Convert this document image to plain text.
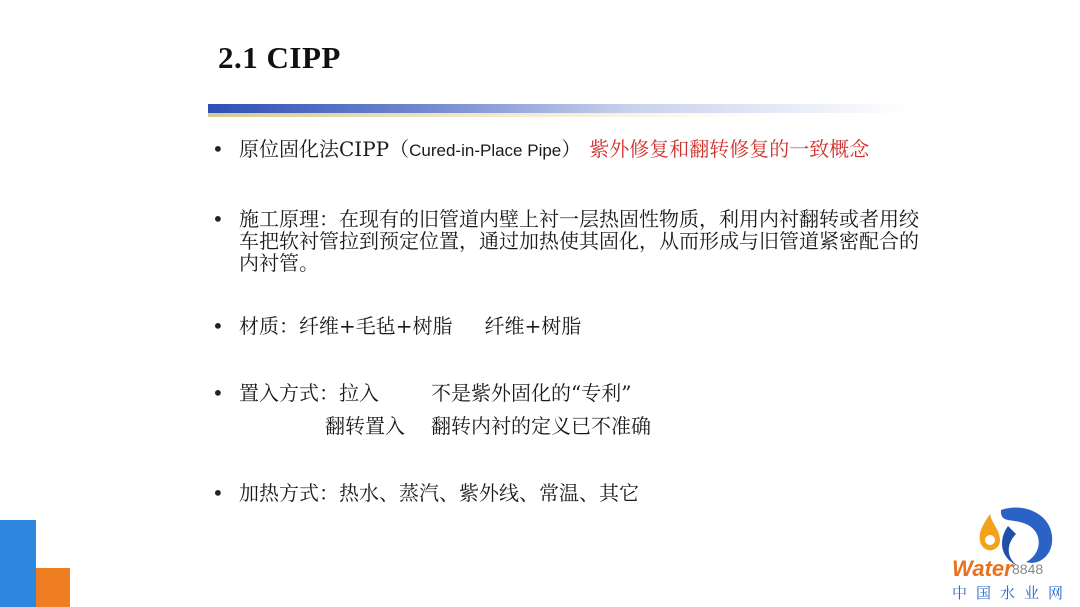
2.1 CIPP
• 原位固化法CIPP（Cured-in-Place Pipe） 紫外修复和翻转修复的一致概念
• 施工原理：在现有的旧管道内壁上衬一层热固性物质，利用内衬翻转或者用绞车把软衬管拉到预定位置，通过加热使其固化，从而形成与旧管道紧密配合的内衬管。
• 材质：纤维+毛毡+树脂 纤维+树脂
• 置入方式：拉入	不是紫外固化的“专利”
翻转置入 翻转内衬的定义已不准确
• 加热方式：热水、蒸汽、紫外线、常温、其它
Water 8848
中国水业网
